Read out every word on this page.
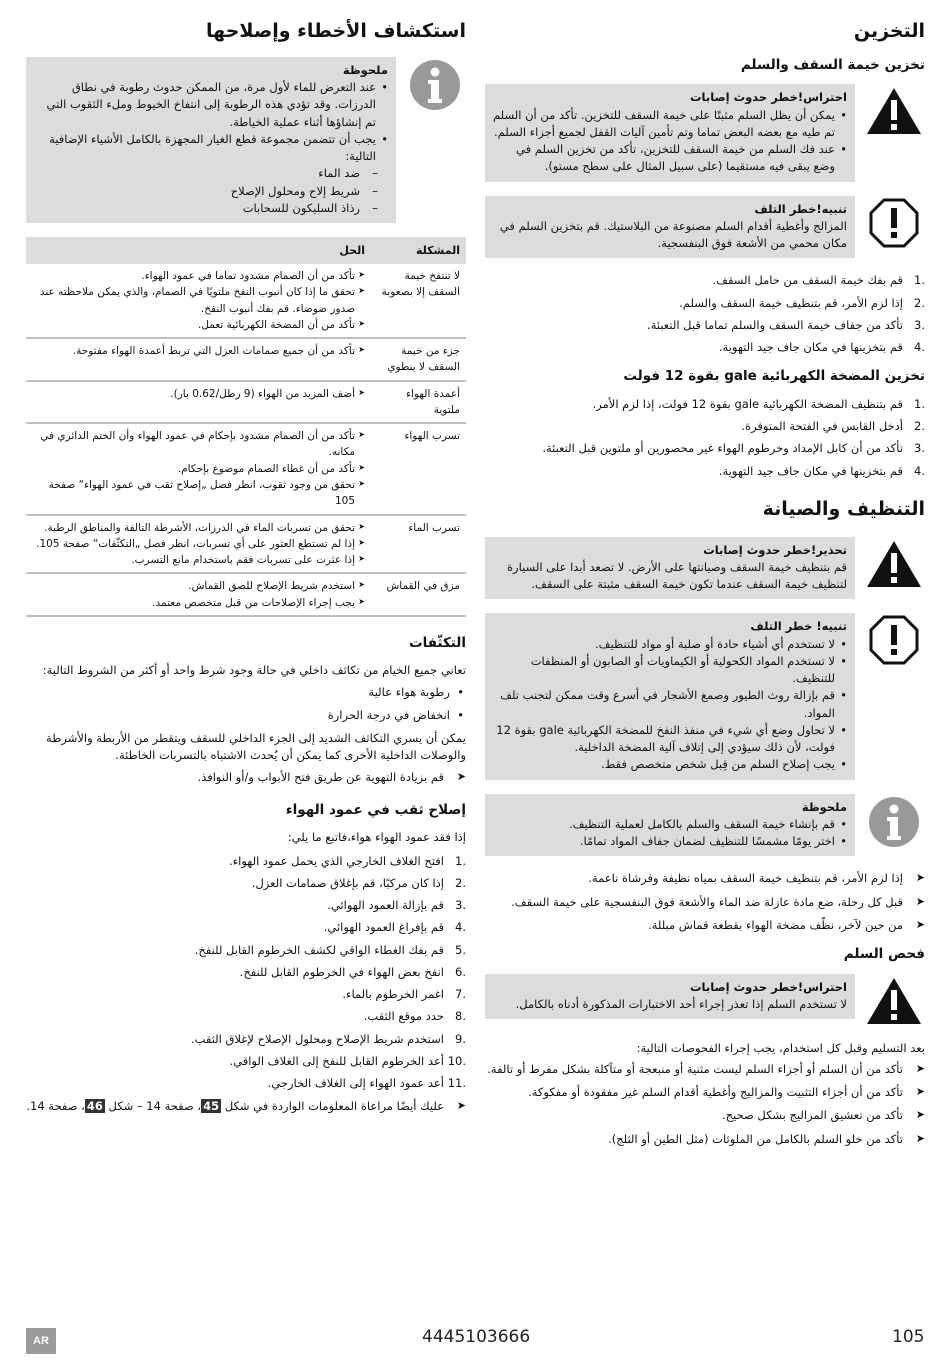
التخزين
تخزين خيمة السقف والسلم
احتراس!خطر حدوث إصابات
• يمكن أن يظل السلم مثبتًا على خيمة السقف للتخزين. تأكد من أن السلم تم طيه مع بعضه البعض تماما وتم تأمين آليات القفل لجميع أجزاء السلم.
• عند فك السلم من خيمة السقف للتخزين، تأكد من تخزين السلم في وضع يبقى فيه مستقيما (على سبيل المثال على سطح مستو).
تنبيه!خطر التلف
المزالج وأغطية أقدام السلم مصنوعة من البلاستيك. قم بتخزين السلم في مكان محمي من الأشعة فوق البنفسجية.
.1
قم بفك خيمة السقف من حامل السقف.
.2
إذا لزم الأمر، قم بتنظيف خيمة السقف والسلم.
.3
تأكد من جفاف خيمة السقف والسلم تماما قبل التعبئة.
.4
قم بتخزينها في مكان جاف جيد التهوية.
تخزين المضخة الكهربائية gale بقوة 12 فولت
.1
قم بتنظيف المضخة الكهربائية gale بقوة 12 فولت، إذا لزم الأمر.
.2
أدخل القابس في الفتحة المتوفرة.
.3
تأكد من أن كابل الإمداد وخرطوم الهواء غير محصورين أو ملتوين قبل التعبئة.
.4
قم بتخزينها في مكان جاف جيد التهوية.
التنظيف والصيانة
تحذير!خطر حدوث إصابات
قم بتنظيف خيمة السقف وصيانتها على الأرض. لا تصعد أبدا على السيارة لتنظيف خيمة السقف عندما تكون خيمة السقف مثبتة على السقف.
تنبيه! خطر التلف
• لا تستخدم أي أشياء حادة أو صلبة أو مواد للتنظيف.
• لا تستخدم المواد الكحولية أو الكيماويات أو الصابون أو المنظفات للتنظيف.
• قم بإزالة روث الطيور وصمغ الأشجار في أسرع وقت ممكن لتجنب تلف المواد.
• لا تحاول وضع أي شيء في منفذ النفخ للمضخة الكهربائية gale بقوة 12 فولت، لأن ذلك سيؤدي إلى إتلاف آلية المضخة الداخلية.
• يجب إصلاح السلم من قِبل شخص متخصص فقط.
ملحوظة
• قم بإنشاء خيمة السقف والسلم بالكامل لعملية التنظيف.
• اختر يومًا مشمسًا للتنظيف لضمان جفاف المواد تمامًا.
➤ إذا لزم الأمر، قم بتنظيف خيمة السقف بمياه نظيفة وفرشاة ناعمة.
➤ قبل كل رحلة، ضع مادة عازلة ضد الماء والأشعة فوق البنفسجية على خيمة السقف.
➤ من حين لآخر، نظّف مضخة الهواء بقطعة قماش مبللة.
فحص السلم
احتراس!خطر حدوث إصابات
لا تستخدم السلم إذا تعذر إجراء أحد الاختبارات المذكورة أدناه بالكامل.

بعد التسليم وقبل كل استخدام، يجب إجراء الفحوصات التالية:

➤ تأكد من أن السلم أو أجزاء السلم ليست مثنية أو منبعجة أو متآكلة بشكل مفرط أو تالفة.
➤ تأكد من أن أجزاء التثبيت والمزاليج وأغطية أقدام السلم غير مفقودة أو مفكوكة.
➤ تأكد من تعشيق المزاليج بشكل صحيح.
➤ تأكد من خلو السلم بالكامل من الملوثات (مثل الطين أو الثلج).
استكشاف الأخطاء وإصلاحها
ملحوظة
• عند التعرض للماء لأول مرة، من الممكن حدوث رطوبة في نطاق الدرزات. وقد تؤدي هذه الرطوبة إلى انتفاخ الخيوط وملء الثقوب التي تم إنشاؤها أثناء عملية الخياطة.
• يجب أن تتضمن مجموعة قطع الغيار المجهزة بالكامل الأشياء الإضافية التالية:
– ضد الماء
– شريط إلاح ومحلول الإصلاح
– رذاذ السليكون للسحابات
المشكلة	الحل
لا تنتفخ خيمة السقف إلا بصعوبة	➤ تأكد من أن الصمام مشدود تماما في عمود الهواء.
➤ تحقق ما إذا كان أنبوب النفخ ملتويًا في الصمام، والذي يمكن ملاحظته عند صدور ضوضاء. قم بفك أنبوب النفخ.
➤ تأكد من أن المضخة الكهربائية تعمل.

جزء من خيمة السقف لا ينطوي	➤ تأكد من أن جميع صمامات العزل التي تربط أعمدة الهواء مفتوحة.

أعمدة الهواء ملتوية	➤ أضف المزيد من الهواء (9 رطل/0.62 بار).

تسرب الهواء	➤ تأكد من أن الصمام مشدود بإحكام في عمود الهواء وأن الختم الدائري في مكانه.
➤ تأكد من أن غطاء الصمام موضوع بإحكام.
➤ تحقق من وجود ثقوب، انظر فصل „إصلاح ثقب في عمود الهواء“ صفحة 105

تسرب الماء	➤ تحقق من تسربات الماء في الدرزات، الأشرطة التالفة والمناطق الرطبة.
➤ إذا لم تستطع العثور على أي تسربات، انظر فصل „التكثّفات“ صفحة 105.
➤ إذا عثرت على تسربات فقم باستخدام مانع التسرب.

مزق في القماش	➤ استخدم شريط الإصلاح للصق القماش.
➤ يجب إجراء الإصلاحات من قبل متخصص معتمد.
التكثّفات

تعاني جميع الخيام من تكاثف داخلي في حالة وجود شرط واحد أو أكثر من الشروط التالية:

• رطوبة هواء عالية
• انخفاض في درجة الحرارة

يمكن أن يسري التكاثف الشديد إلى الجزء الداخلي للسقف ويتقطر من الأربطة والأشرطة والوصلات الداخلية الأخرى كما يمكن أن يُحدث الاشتباه بالتسربات الخاطئة.

➤ قم بزيادة التهوية عن طريق فتح الأبواب و/أو النوافذ.
إصلاح ثقب في عمود الهواء

إذا فقد عمود الهواء هواء،فاتبع ما يلي:

.1
افتح الغلاف الخارجي الذي يحمل عمود الهواء.
.2
إذا كان مركبًا، قم بإغلاق صمامات العزل.
.3
قم بإزالة العمود الهوائي.
.4
قم بإفراغ العمود الهوائي.
.5
قم بفك الغطاء الواقي لكشف الخرطوم القابل للنفخ.
.6
انفخ بعض الهواء في الخرطوم القابل للنفخ.
.7
اغمر الخرطوم بالماء.
.8
حدد موقع الثقب.
.9
استخدم شريط الإصلاح ومحلول الإصلاح لإغلاق الثقب.
.10
أعد الخرطوم القابل للنفخ إلى الغلاف الواقي.
.11
أعد عمود الهواء إلى الغلاف الخارجي.
➤ عليك أيضًا مراعاة المعلومات الواردة في شكل 45، صفحة 14 – شكل 46، صفحة 14.
AR	4445103666	105
